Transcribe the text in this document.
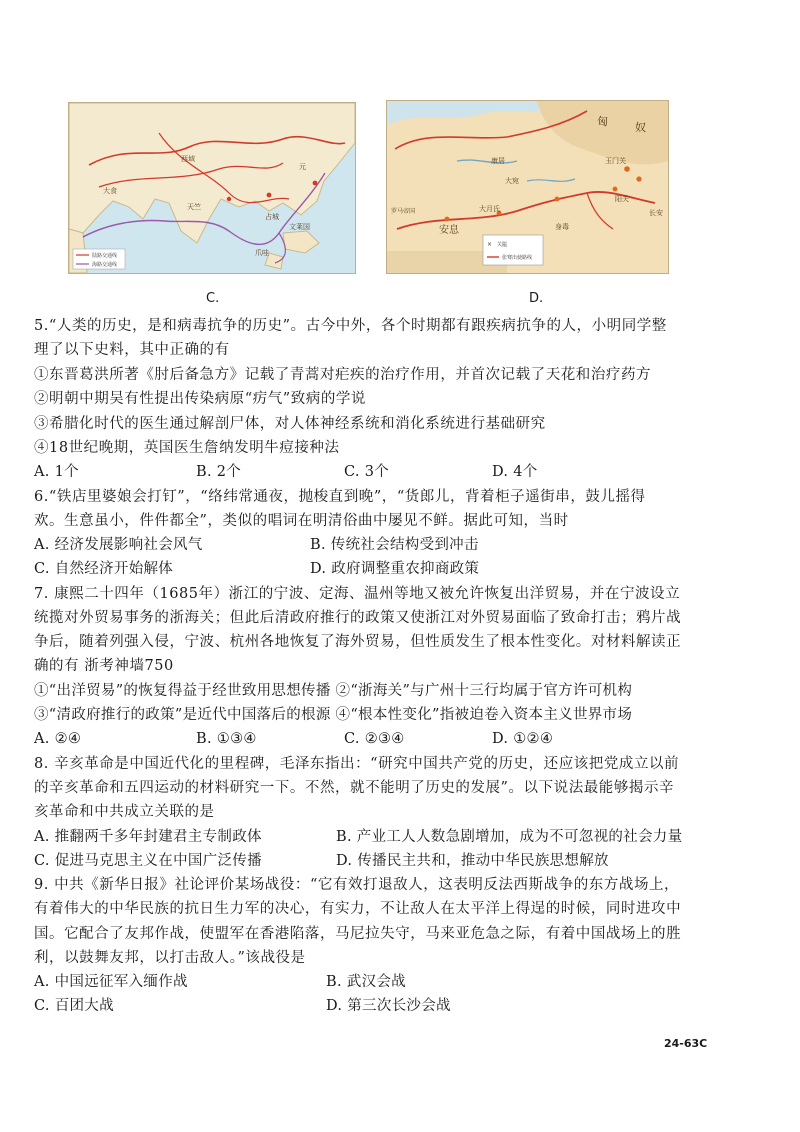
陆路交通线
海路交通线
西域
大食
天竺
元
占城
文莱国
爪哇
C.
× 关隘
张骞出使路线
匈 奴
安息
大宛
大月氏
康居	玉门关
阳关
长安
身毒
罗马帝国
D.
5.“人类的历史，是和病毒抗争的历史”。古今中外，各个时期都有跟疾病抗争的人，小明同学整
理了以下史料，其中正确的有
①东晋葛洪所著《肘后备急方》记载了青蒿对疟疾的治疗作用，并首次记载了天花和治疗药方
②明朝中期吴有性提出传染病原“疠气”致病的学说
③希腊化时代的医生通过解剖尸体，对人体神经系统和消化系统进行基础研究
④18世纪晚期，英国医生詹纳发明牛痘接种法
A. 1个	B. 2个	C. 3个	D. 4个
6.“铁店里婆娘会打钉”，“络纬常通夜，抛梭直到晚”，“货郎儿，背着柜子遥街串，鼓儿摇得
欢。生意虽小，件件都全”，类似的唱词在明清俗曲中屡见不鲜。据此可知，当时
A. 经济发展影响社会风气	B. 传统社会结构受到冲击
C. 自然经济开始解体	D. 政府调整重农抑商政策
7. 康熙二十四年（1685年）浙江的宁波、定海、温州等地又被允许恢复出洋贸易，并在宁波设立
统揽对外贸易事务的浙海关；但此后清政府推行的政策又使浙江对外贸易面临了致命打击；鸦片战
争后，随着列强入侵，宁波、杭州各地恢复了海外贸易，但性质发生了根本性变化。对材料解读正
确的有 浙考神墙750
①“出洋贸易”的恢复得益于经世致用思想传播 ②“浙海关”与广州十三行均属于官方许可机构
③“清政府推行的政策”是近代中国落后的根源 ④“根本性变化”指被迫卷入资本主义世界市场
A. ②④	B. ①③④	C. ②③④	D. ①②④
8. 辛亥革命是中国近代化的里程碑，毛泽东指出：“研究中国共产党的历史，还应该把党成立以前
的辛亥革命和五四运动的材料研究一下。不然，就不能明了历史的发展”。以下说法最能够揭示辛
亥革命和中共成立关联的是
A. 推翻两千多年封建君主专制政体	B. 产业工人人数急剧增加，成为不可忽视的社会力量
C. 促进马克思主义在中国广泛传播	D. 传播民主共和，推动中华民族思想解放
9. 中共《新华日报》社论评价某场战役：“它有效打退敌人，这表明反法西斯战争的东方战场上，
有着伟大的中华民族的抗日生力军的决心，有实力，不让敌人在太平洋上得逞的时候，同时进攻中
国。它配合了友邦作战，使盟军在香港陷落，马尼拉失守，马来亚危急之际，有着中国战场上的胜
利，以鼓舞友邦，以打击敌人。”该战役是
A. 中国远征军入缅作战	B. 武汉会战
C. 百团大战	D. 第三次长沙会战
24-63C
